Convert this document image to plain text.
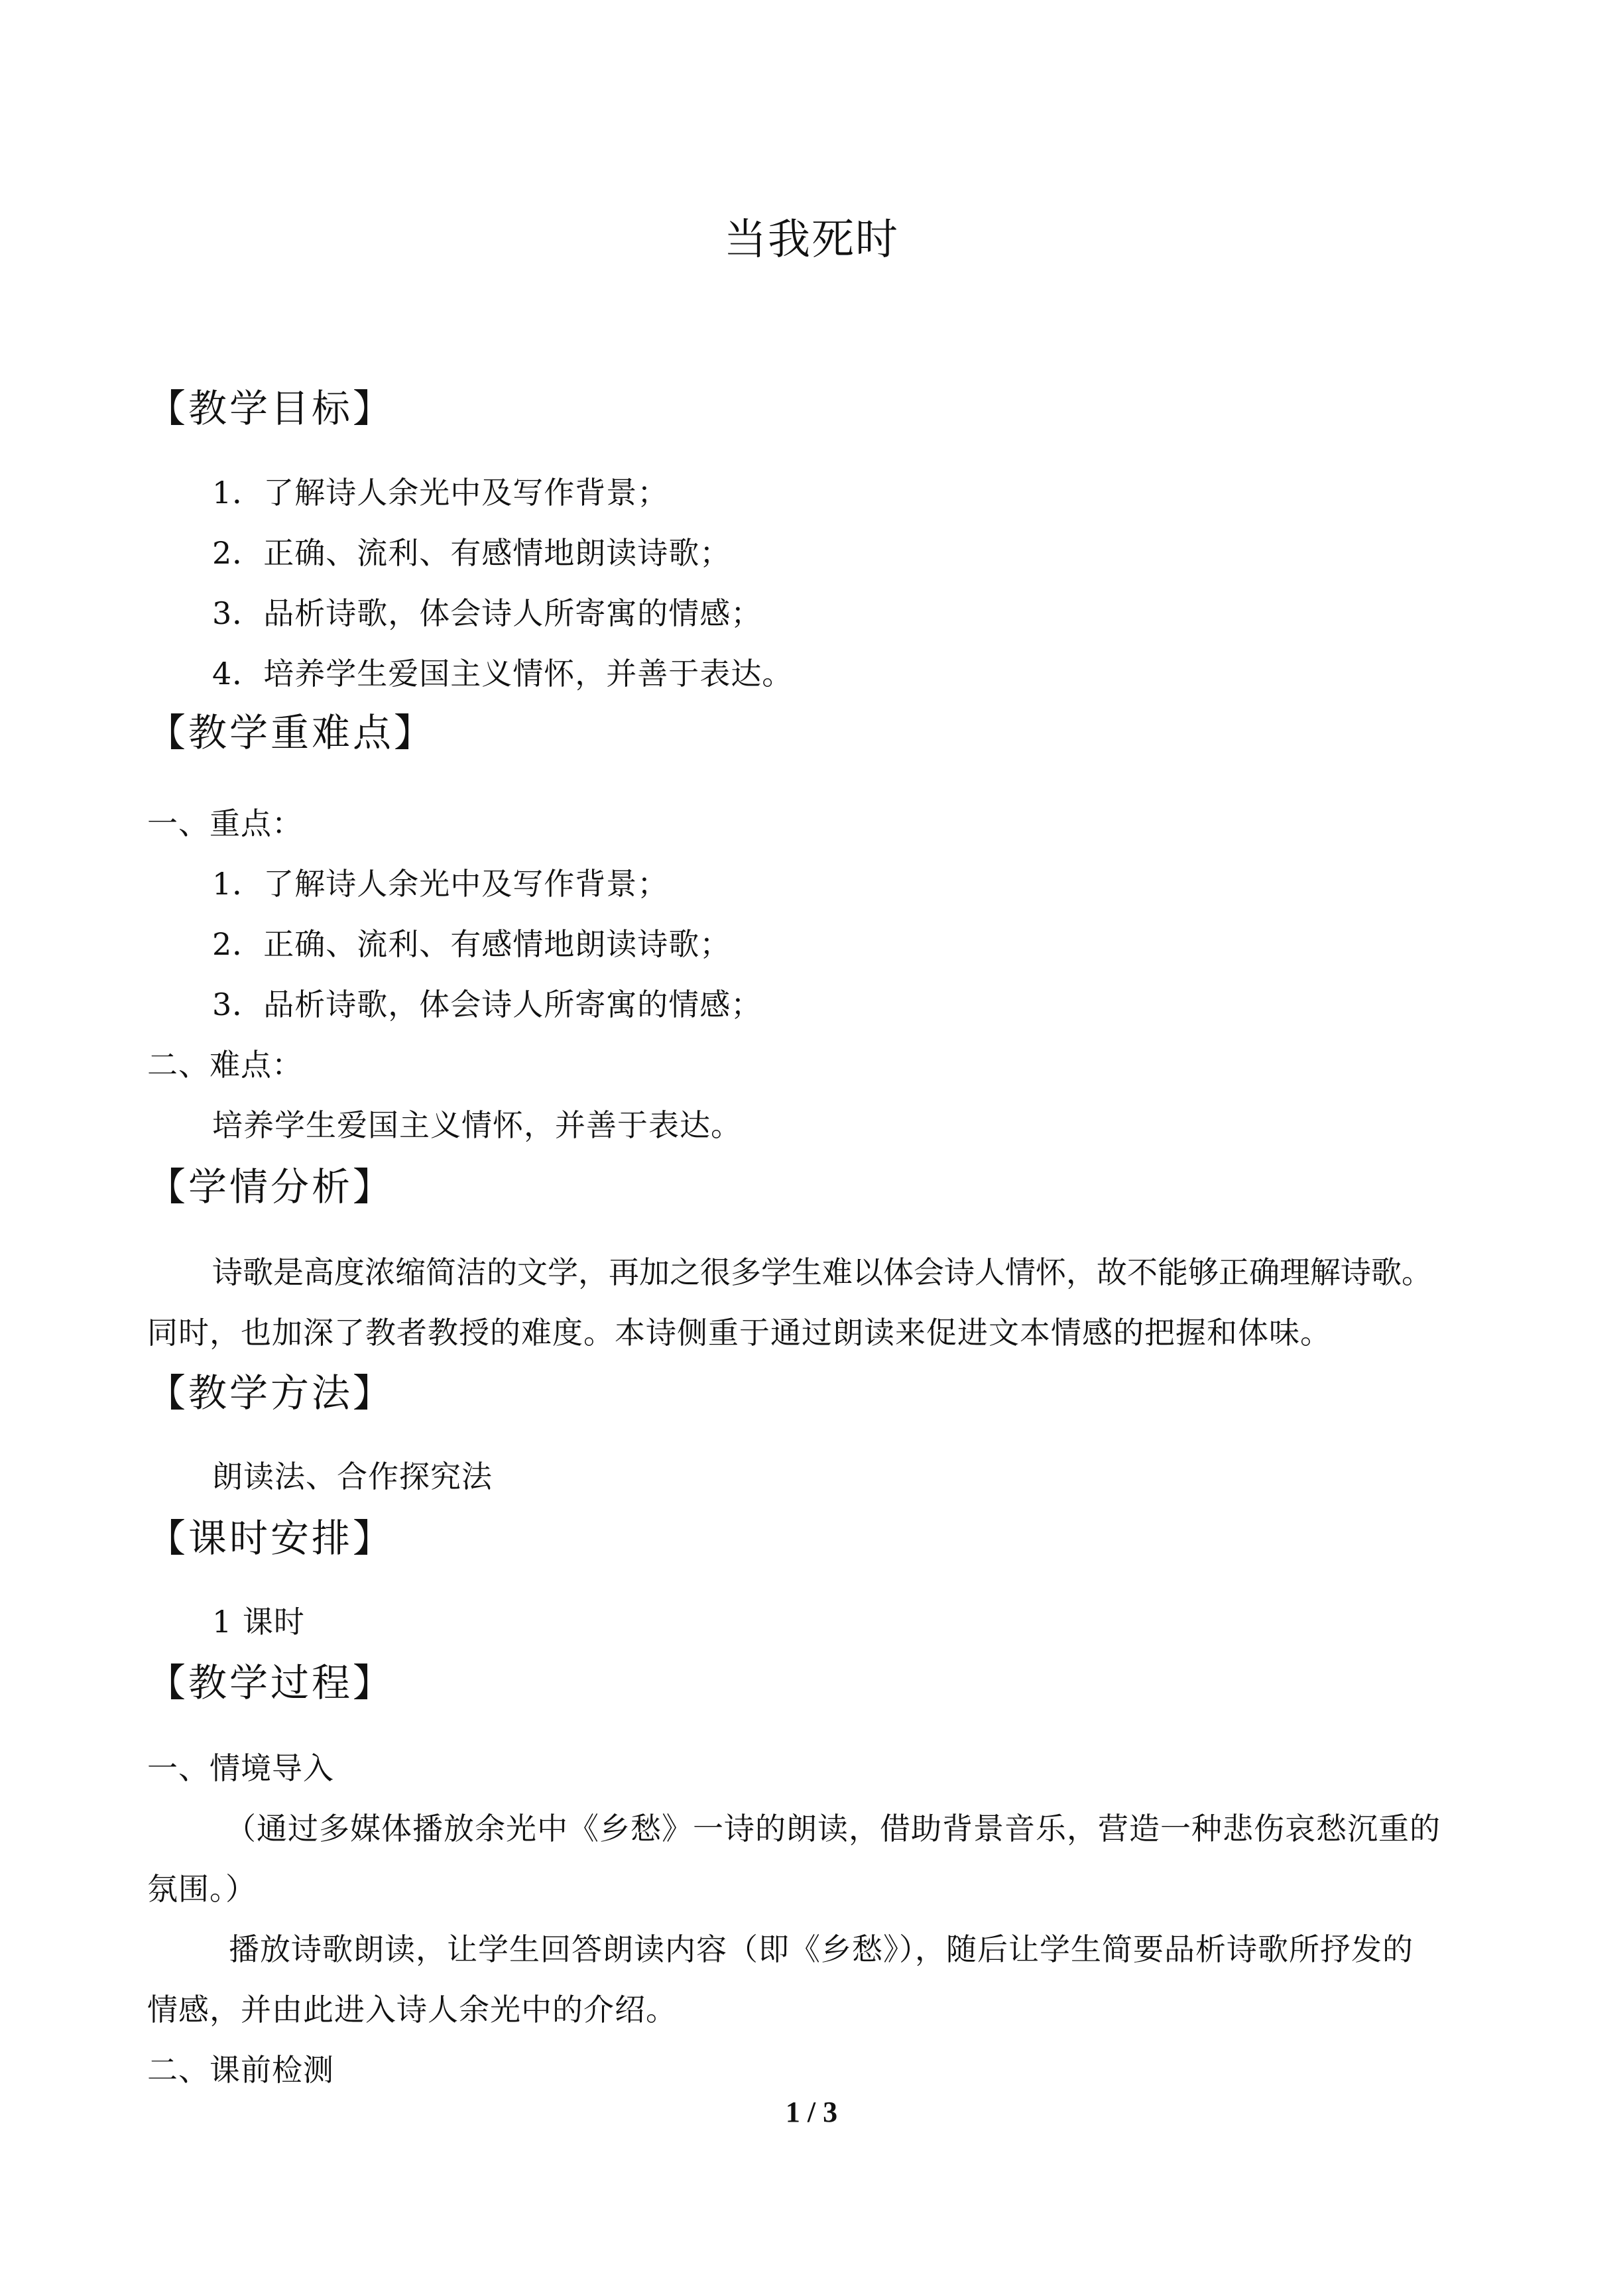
当我死时
【教学目标】
1．了解诗人余光中及写作背景；
2．正确、流利、有感情地朗读诗歌；
3．品析诗歌，体会诗人所寄寓的情感；
4．培养学生爱国主义情怀，并善于表达。
【教学重难点】
一、重点：
1．了解诗人余光中及写作背景；
2．正确、流利、有感情地朗读诗歌；
3．品析诗歌，体会诗人所寄寓的情感；
二、难点：
培养学生爱国主义情怀，并善于表达。
【学情分析】
诗歌是高度浓缩简洁的文学，再加之很多学生难以体会诗人情怀，故不能够正确理解诗歌。
同时，也加深了教者教授的难度。本诗侧重于通过朗读来促进文本情感的把握和体味。
【教学方法】
朗读法、合作探究法
【课时安排】
1 课时
【教学过程】
一、情境导入
（通过多媒体播放余光中《乡愁》一诗的朗读，借助背景音乐，营造一种悲伤哀愁沉重的
氛围。）
播放诗歌朗读，让学生回答朗读内容（即《乡愁》），随后让学生简要品析诗歌所抒发的
情感，并由此进入诗人余光中的介绍。
二、课前检测
1 / 3
